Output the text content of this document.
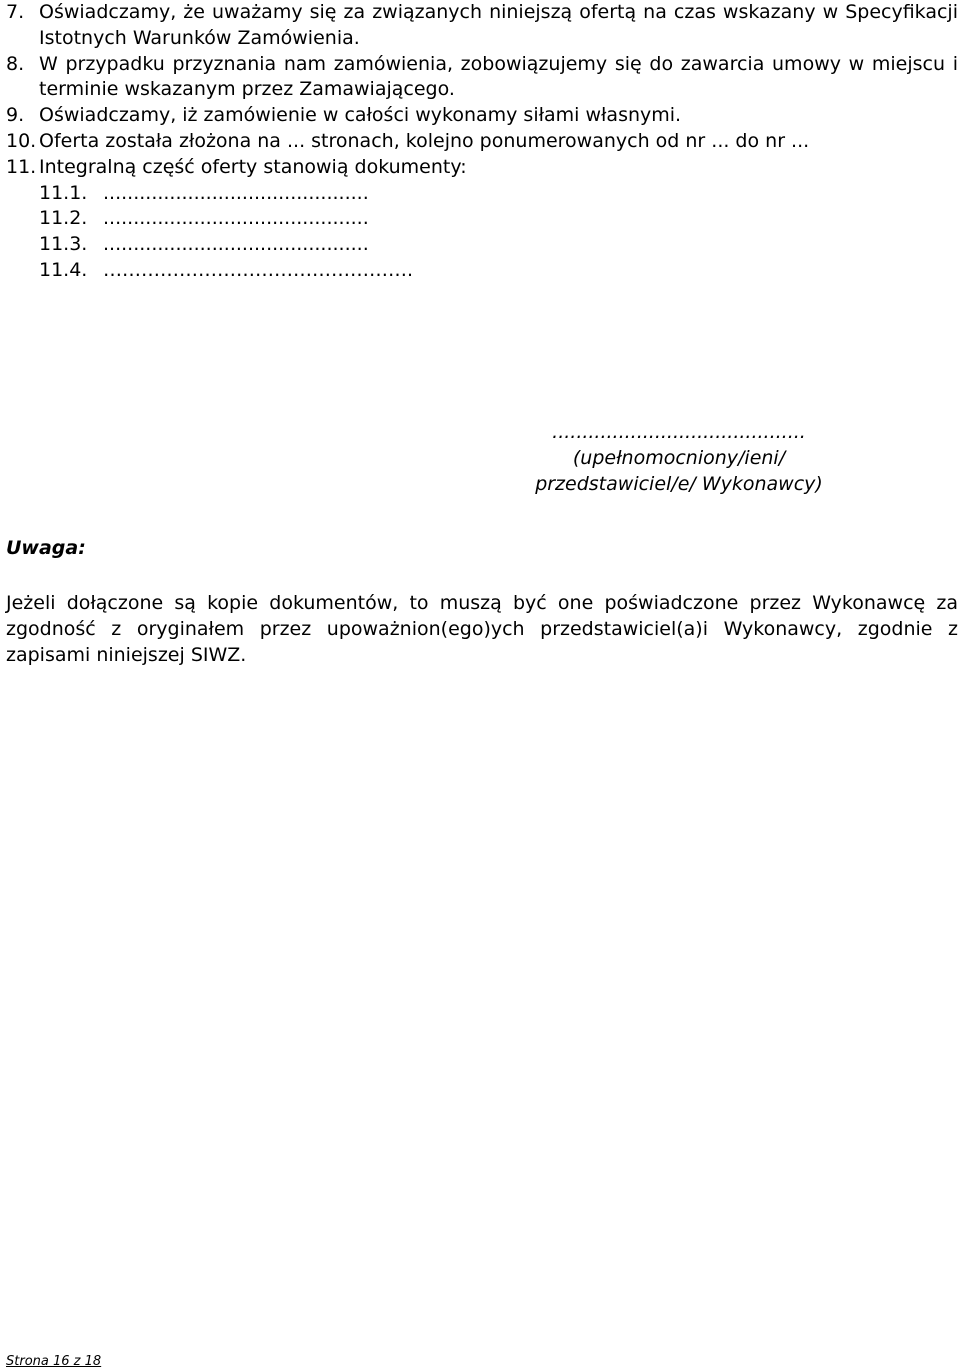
7. Oświadczamy, że uważamy się za związanych niniejszą ofertą na czas wskazany w Specyfikacji Istotnych Warunków Zamówienia.
8. W przypadku przyznania nam zamówienia, zobowiązujemy się do zawarcia umowy w miejscu i terminie wskazanym przez Zamawiającego.
9. Oświadczamy, iż zamówienie w całości wykonamy siłami własnymi.
10. Oferta została złożona na ... stronach, kolejno ponumerowanych od nr ... do nr ...
11. Integralną część oferty stanowią dokumenty:
11.1. ............................................
11.2. ............................................
11.3. ............................................
11.4. ………………………………………….
..........................................
(upełnomocniony/ieni/
przedstawiciel/e/ Wykonawcy)
Uwaga:
Jeżeli dołączone są kopie dokumentów, to muszą być one poświadczone przez Wykonawcę za zgodność z oryginałem przez upoważnion(ego)ych przedstawiciel(a)i Wykonawcy, zgodnie z zapisami niniejszej SIWZ.
Strona 16 z 18
